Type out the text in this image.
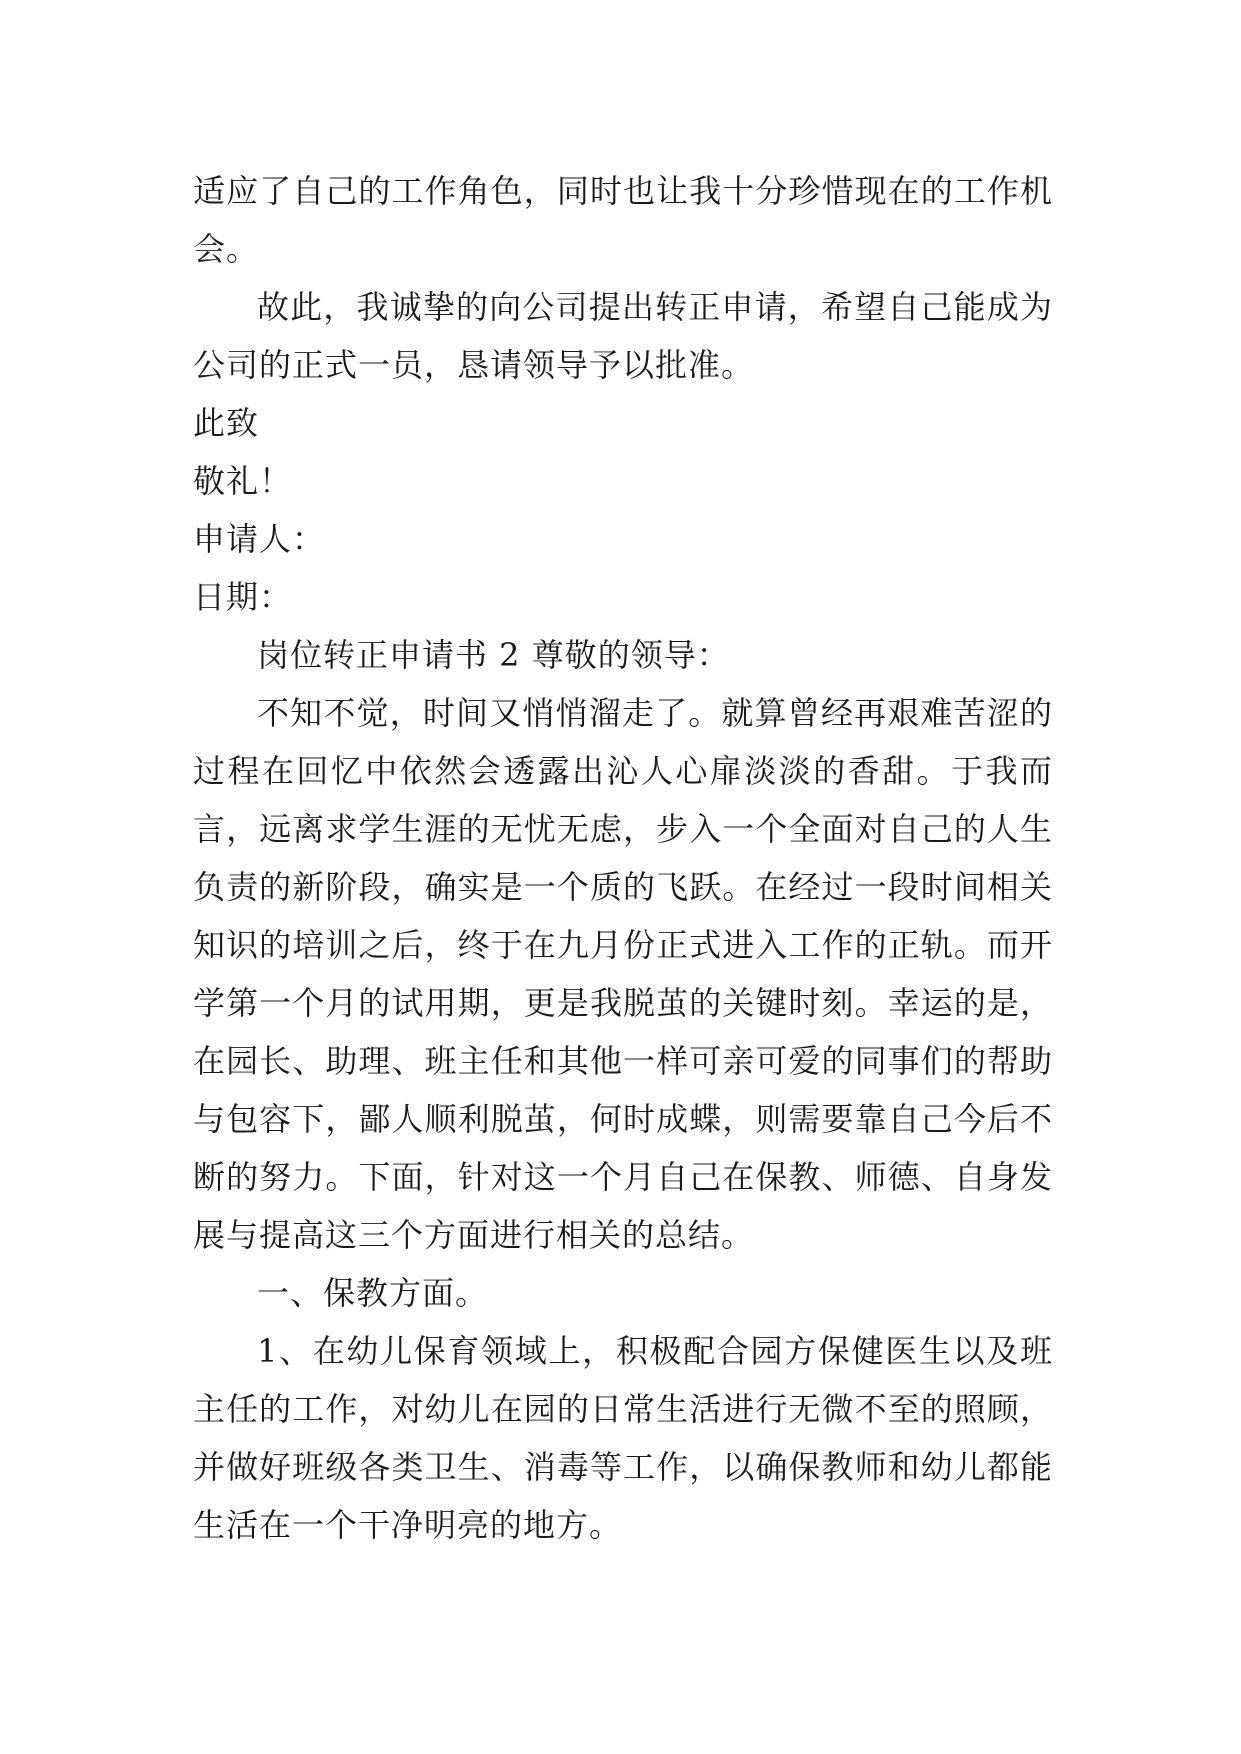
适应了自己的工作角色，同时也让我十分珍惜现在的工作机会。

故此，我诚挚的向公司提出转正申请，希望自己能成为公司的正式一员，恳请领导予以批准。

此致

敬礼！

申请人：

日期：

岗位转正申请书 2 尊敬的领导：

不知不觉，时间又悄悄溜走了。就算曾经再艰难苦涩的过程在回忆中依然会透露出沁人心扉淡淡的香甜。于我而言，远离求学生涯的无忧无虑，步入一个全面对自己的人生负责的新阶段，确实是一个质的飞跃。在经过一段时间相关知识的培训之后，终于在九月份正式进入工作的正轨。而开学第一个月的试用期，更是我脱茧的关键时刻。幸运的是，在园长、助理、班主任和其他一样可亲可爱的同事们的帮助与包容下，鄙人顺利脱茧，何时成蝶，则需要靠自己今后不断的努力。下面，针对这一个月自己在保教、师德、自身发展与提高这三个方面进行相关的总结。

一、保教方面。

1、在幼儿保育领域上，积极配合园方保健医生以及班主任的工作，对幼儿在园的日常生活进行无微不至的照顾，并做好班级各类卫生、消毒等工作，以确保教师和幼儿都能生活在一个干净明亮的地方。
